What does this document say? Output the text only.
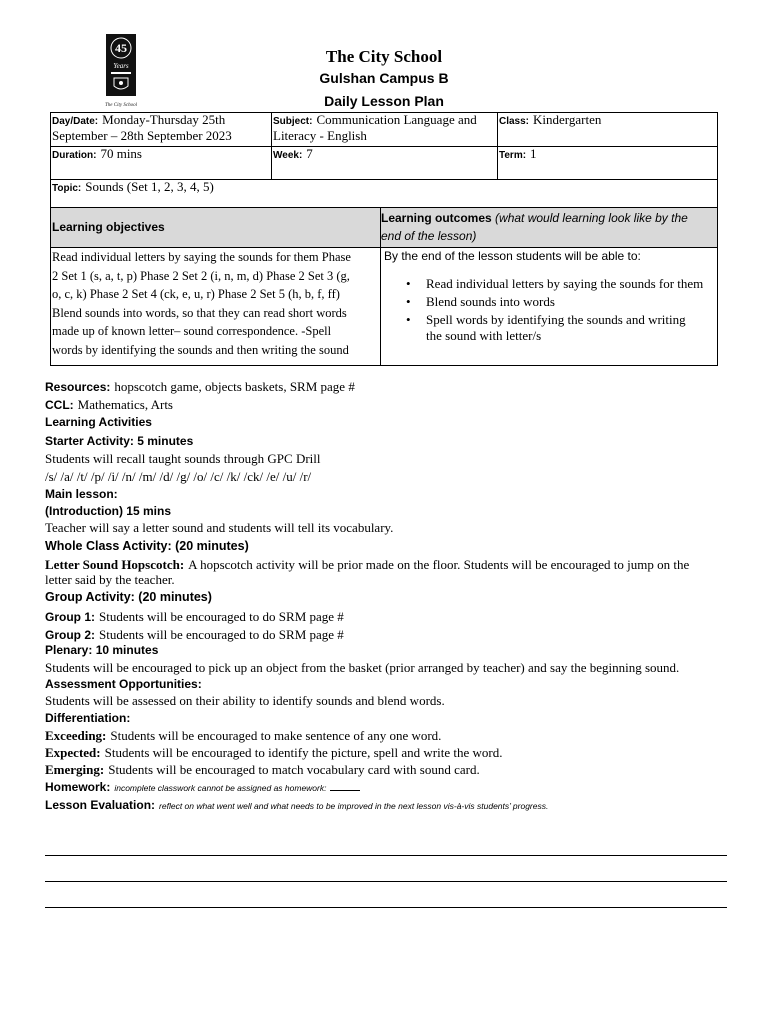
45
Years
The City School
The City School
Gulshan Campus B
Daily Lesson Plan
Day/Date: Monday-Thursday 25th
September – 28th September 2023
Subject: Communication Language and
Literacy - English
Class: Kindergarten
Duration: 70 mins	Week: 7	Term: 1
Topic: Sounds (Set 1, 2, 3, 4, 5)
Learning objectives
Learning outcomes (what would learning look like by the
end of the lesson)
Read individual letters by saying the sounds for them Phase
2 Set 1 (s, a, t, p) Phase 2 Set 2 (i, n, m, d) Phase 2 Set 3 (g,
o, c, k) Phase 2 Set 4 (ck, e, u, r) Phase 2 Set 5 (h, b, f, ff)
Blend sounds into words, so that they can read short words
made up of known letter– sound correspondence. -Spell
words by identifying the sounds and then writing the sound
By the end of the lesson students will be able to:
• Read individual letters by saying the sounds for them
• Blend sounds into words
• Spell words by identifying the sounds and writing the sound with letter/s
Resources: hopscotch game, objects baskets, SRM page #
CCL: Mathematics, Arts
Learning Activities
Starter Activity: 5 minutes
Students will recall taught sounds through GPC Drill
/s/ /a/ /t/ /p/ /i/ /n/ /m/ /d/ /g/ /o/ /c/ /k/ /ck/ /e/ /u/ /r/
Main lesson:
(Introduction) 15 mins
Teacher will say a letter sound and students will tell its vocabulary.
Whole Class Activity: (20 minutes)
Letter Sound Hopscotch: A hopscotch activity will be prior made on the floor. Students will be encouraged to jump on the
letter said by the teacher.
Group Activity: (20 minutes)
Group 1: Students will be encouraged to do SRM page #
Group 2: Students will be encouraged to do SRM page #
Plenary: 10 minutes
Students will be encouraged to pick up an object from the basket (prior arranged by teacher) and say the beginning sound.
Assessment Opportunities:
Students will be assessed on their ability to identify sounds and blend words.
Differentiation:
Exceeding: Students will be encouraged to make sentence of any one word.
Expected: Students will be encouraged to identify the picture, spell and write the word.
Emerging: Students will be encouraged to match vocabulary card with sound card.
Homework: incomplete classwork cannot be assigned as homework:
Lesson Evaluation: reflect on what went well and what needs to be improved in the next lesson vis-à-vis students’ progress.
